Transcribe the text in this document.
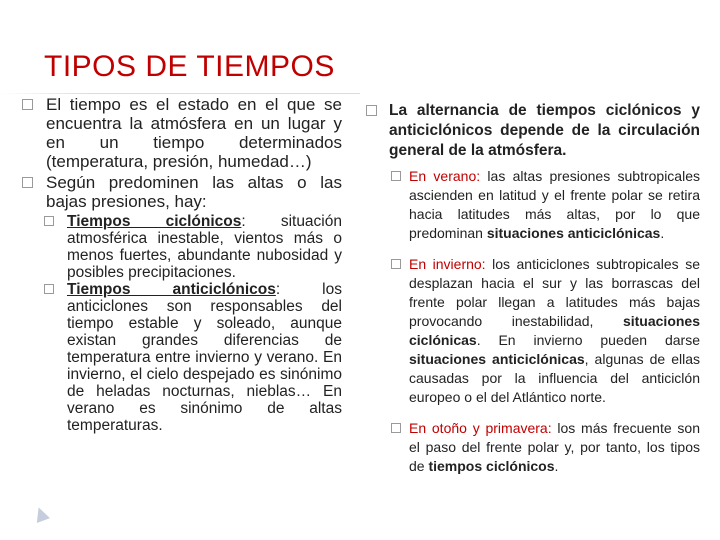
TIPOS DE TIEMPOS

El tiempo es el estado en el que se encuentra la atmósfera en un lugar y en un tiempo determinados (temperatura, presión, humedad…)

Según predominen las altas o las bajas presiones, hay:

Tiempos ciclónicos: situación atmosférica inestable, vientos más o menos fuertes, abundante nubosidad y posibles precipitaciones.

Tiempos anticiclónicos: los anticiclones son responsables del tiempo estable y soleado, aunque existan grandes diferencias de temperatura entre invierno y verano. En invierno, el cielo despejado es sinónimo de heladas nocturnas, nieblas… En verano es sinónimo de altas temperaturas.

La alternancia de tiempos ciclónicos y anticiclónicos depende de la circulación general de la atmósfera.

En verano: las altas presiones subtropicales ascienden en latitud y el frente polar se retira hacia latitudes más altas, por lo que predominan situaciones anticiclónicas.

En invierno: los anticiclones subtropicales se desplazan hacia el sur y las borrascas del frente polar llegan a latitudes más bajas provocando inestabilidad, situaciones ciclónicas. En invierno pueden darse situaciones anticiclónicas, algunas de ellas causadas por la influencia del anticiclón europeo o el del Atlántico norte.

En otoño y primavera: los más frecuente son el paso del frente polar y, por tanto, los tipos de tiempos ciclónicos.
